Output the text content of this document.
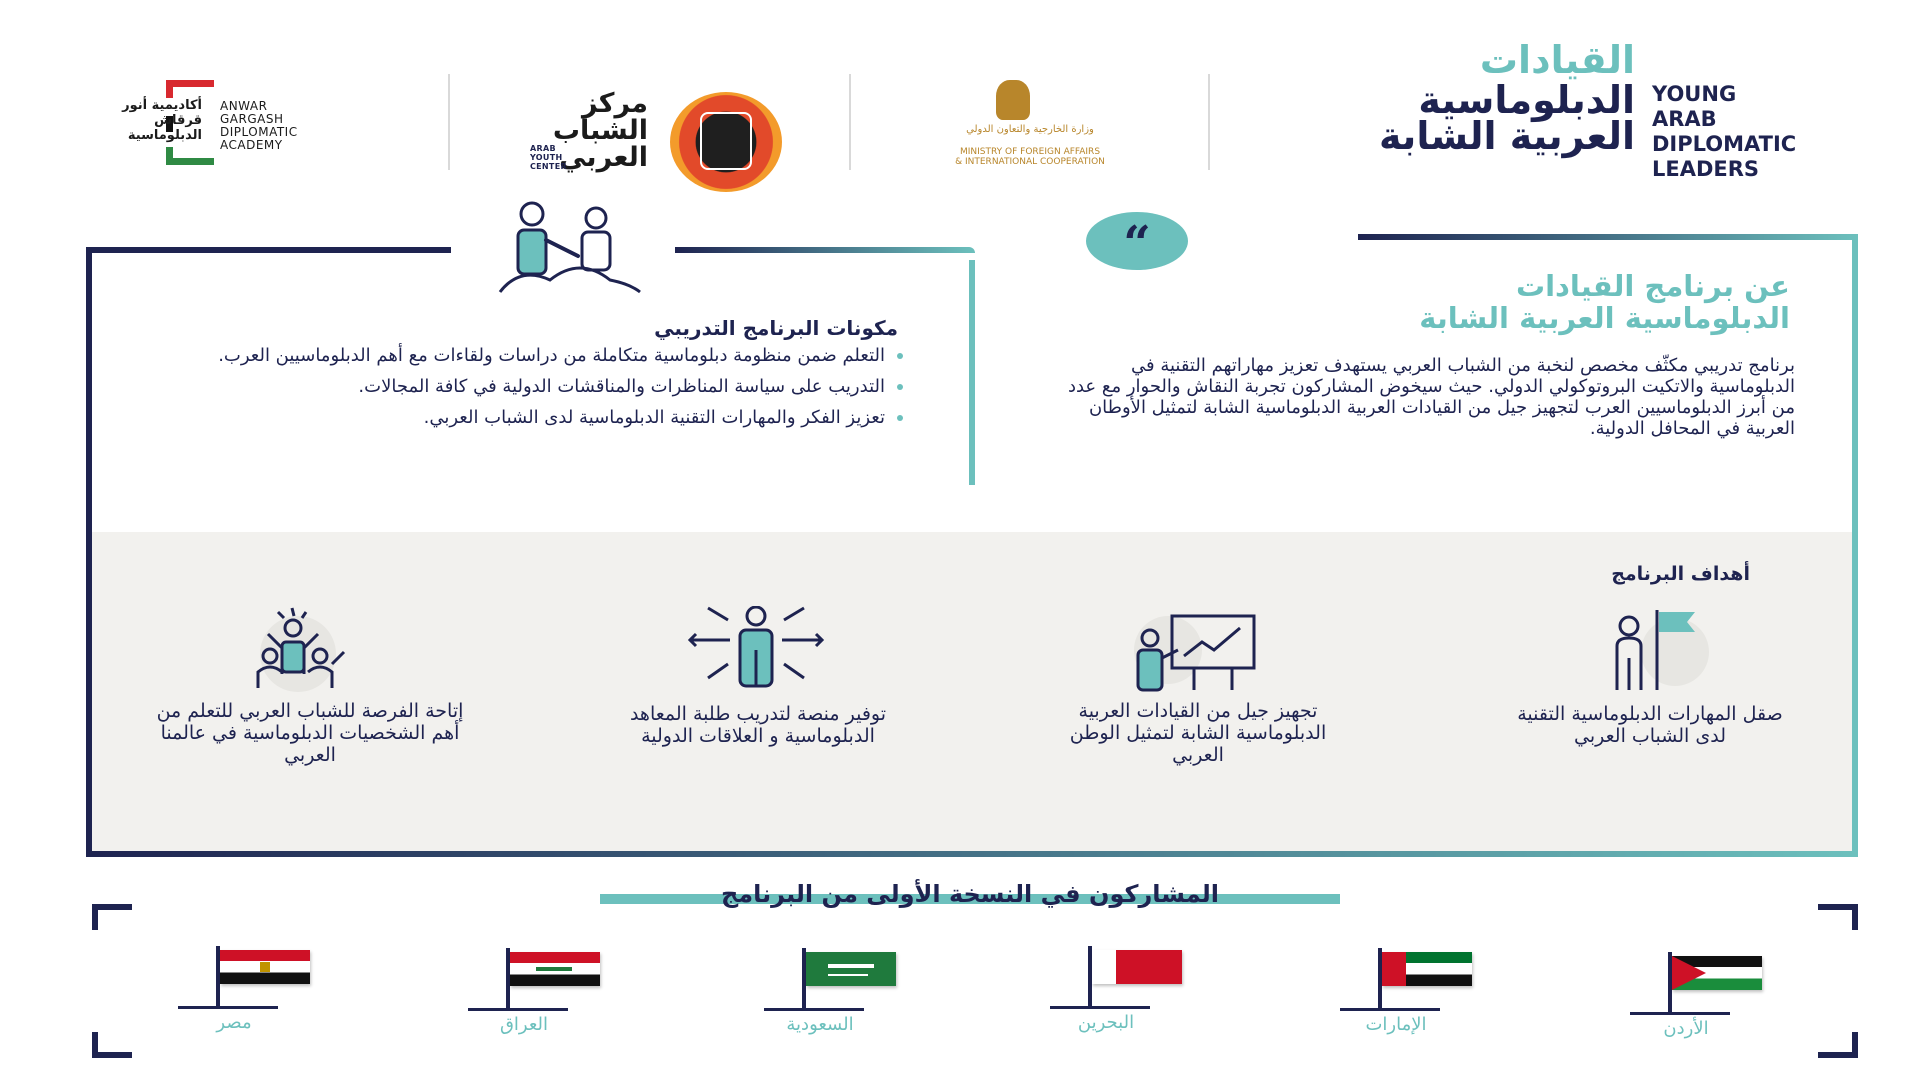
أكاديمية أنور قرقاش الدبلوماسية
ANWAR GARGASH
DIPLOMATIC
ACADEMY
مركز الشباب العربي
ARAB YOUTH CENTER
وزارة الخارجية والتعاون الدولي
MINISTRY OF FOREIGN AFFAIRS
& INTERNATIONAL COOPERATION
القيادات
الدبلوماسية
العربية الشابة
YOUNG ARAB
DIPLOMATIC
LEADERS
“
عن برنامج القيادات
الدبلوماسية العربية الشابة
برنامج تدريبي مكثّف مخصص لنخبة من الشباب العربي يستهدف تعزيز مهاراتهم التقنية في الدبلوماسية والاتكيت البروتوكولي الدولي. حيث سيخوض المشاركون تجربة النقاش والحوار مع عدد من أبرز الدبلوماسيين العرب لتجهيز جيل من القيادات العربية الدبلوماسية الشابة لتمثيل الأوطان العربية في المحافل الدولية.
مكونات البرنامج التدريبي
التعلم ضمن منظومة دبلوماسية متكاملة من دراسات ولقاءات مع أهم الدبلوماسيين العرب.
التدريب على سياسة المناظرات والمناقشات الدولية في كافة المجالات.
تعزيز الفكر والمهارات التقنية الدبلوماسية لدى الشباب العربي.
أهداف البرنامج
صقل المهارات الدبلوماسية التقنية لدى الشباب العربي
تجهيز جيل من القيادات العربية الدبلوماسية الشابة لتمثيل الوطن العربي
توفير منصة لتدريب طلبة المعاهد الدبلوماسية و العلاقات الدولية
إتاحة الفرصة للشباب العربي للتعلم من أهم الشخصيات الدبلوماسية في عالمنا العربي
المشاركون في النسخة الأولى من البرنامج
الأردن
الإمارات
البحرين
السعودية
العراق
مصر
